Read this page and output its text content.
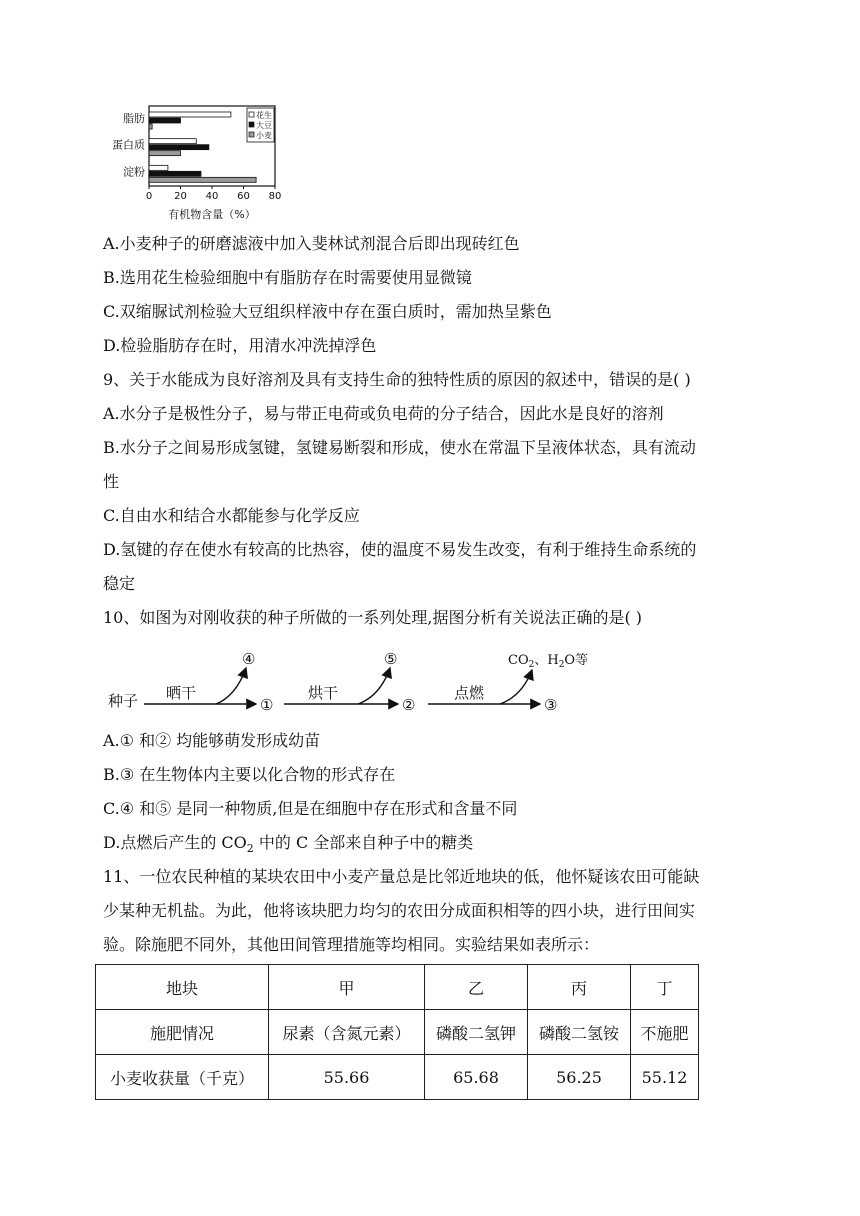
脂肪
蛋白质
淀粉
0 20 40 60 80
有机物含量（%）
花生
大豆
小麦
A.小麦种子的研磨滤液中加入斐林试剂混合后即出现砖红色
B.选用花生检验细胞中有脂肪存在时需要使用显微镜
C.双缩脲试剂检验大豆组织样液中存在蛋白质时，需加热呈紫色
D.检验脂肪存在时，用清水冲洗掉浮色
9、关于水能成为良好溶剂及具有支持生命的独特性质的原因的叙述中，错误的是( )
A.水分子是极性分子，易与带正电荷或负电荷的分子结合，因此水是良好的溶剂
B.水分子之间易形成氢键，氢键易断裂和形成，使水在常温下呈液体状态，具有流动
性
C.自由水和结合水都能参与化学反应
D.氢键的存在使水有较高的比热容，使的温度不易发生改变，有利于维持生命系统的
稳定
10、如图为对刚收获的种子所做的一系列处理,据图分析有关说法正确的是( )
种子 晒干
④
①
烘干
⑤
②
点燃
$CO_2$、$H_2O$等
③
A.① 和② 均能够萌发形成幼苗
B.③ 在生物体内主要以化合物的形式存在
C.④ 和⑤ 是同一种物质,但是在细胞中存在形式和含量不同
D.点燃后产生的 $CO_2$ 中的 C 全部来自种子中的糖类
11、一位农民种植的某块农田中小麦产量总是比邻近地块的低，他怀疑该农田可能缺
少某种无机盐。为此，他将该块肥力均匀的农田分成面积相等的四小块，进行田间实
验。除施肥不同外，其他田间管理措施等均相同。实验结果如表所示：
地块	甲	乙	丙	丁
施肥情况	尿素（含氮元素）	磷酸二氢钾	磷酸二氢铵	不施肥
小麦收获量（千克）	55.66	65.68	56.25	55.12
